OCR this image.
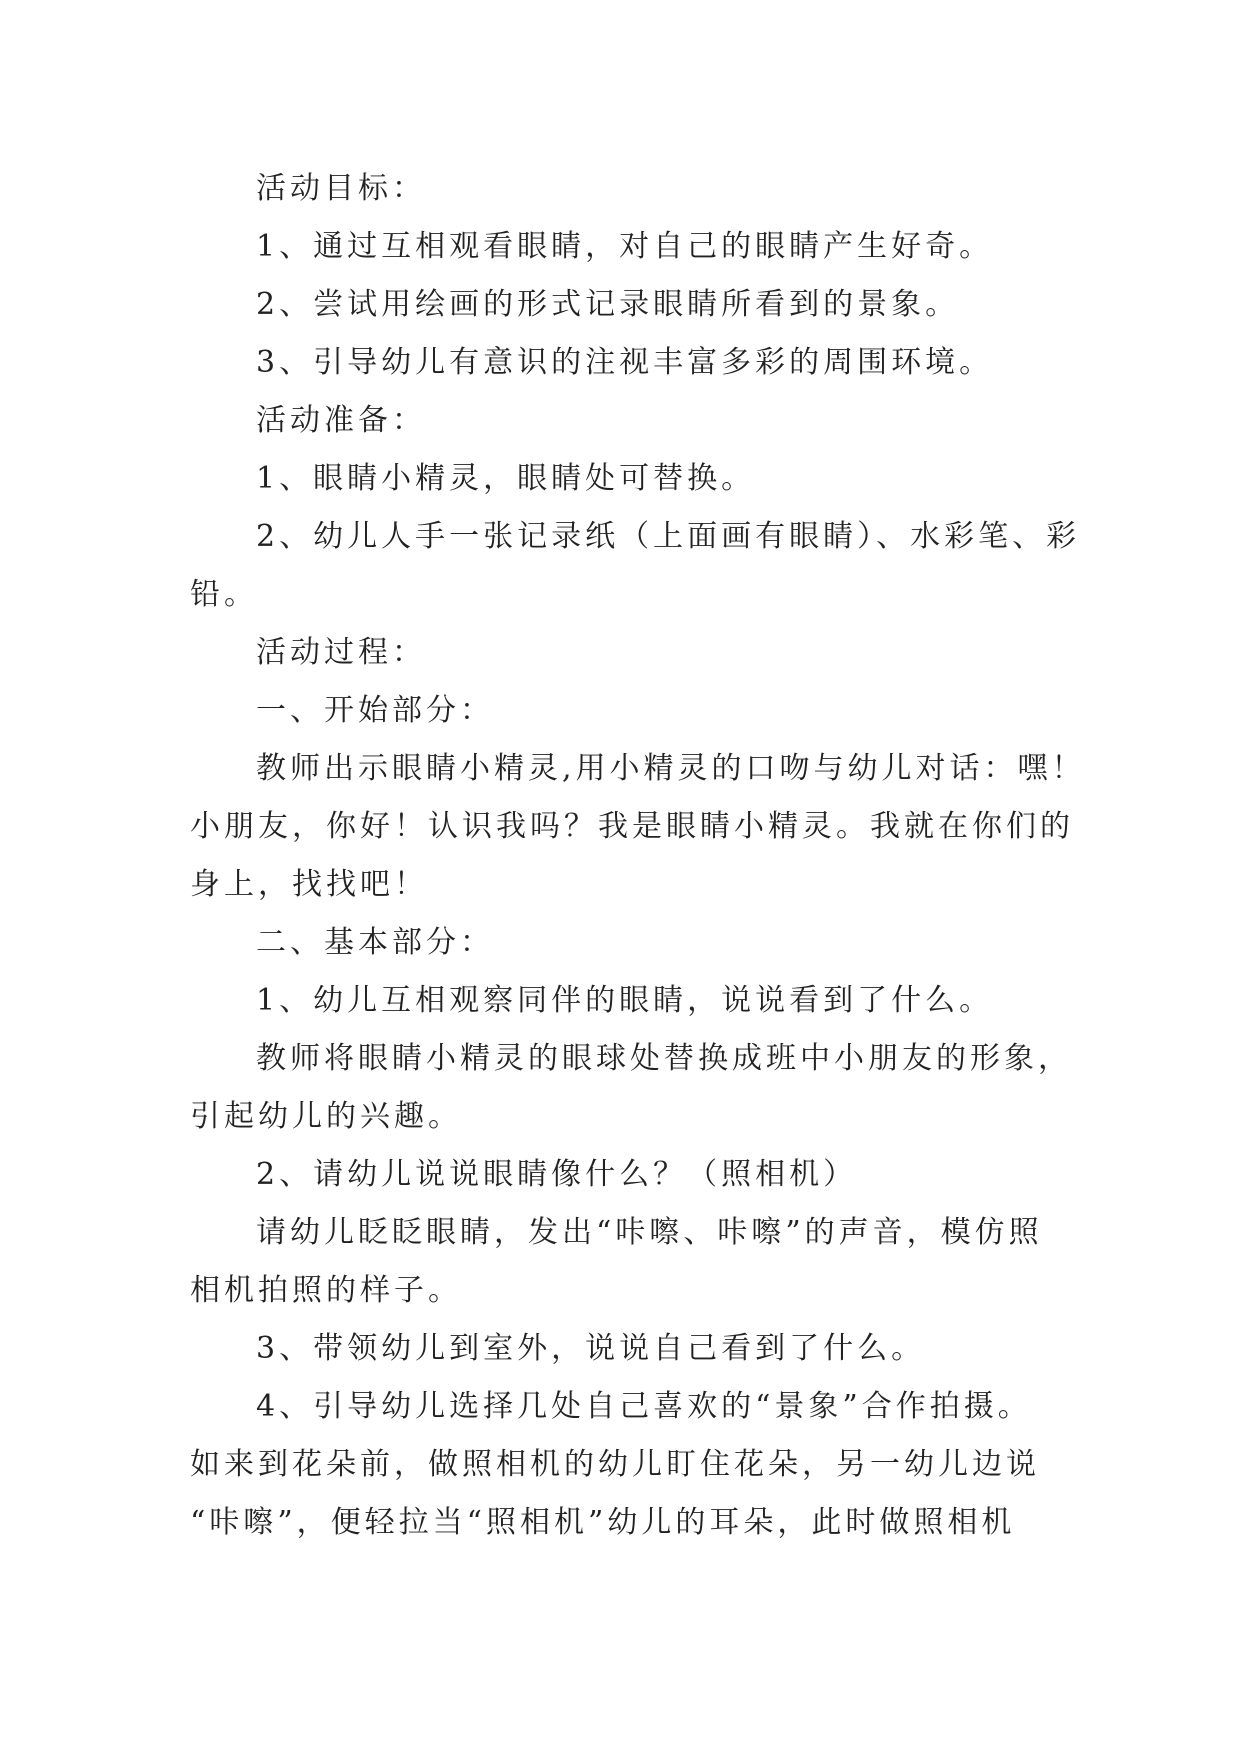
活动目标：
1、通过互相观看眼睛，对自己的眼睛产生好奇。
2、尝试用绘画的形式记录眼睛所看到的景象。
3、引导幼儿有意识的注视丰富多彩的周围环境。
活动准备：
1、眼睛小精灵，眼睛处可替换。
2、幼儿人手一张记录纸（上面画有眼睛）、水彩笔、彩
铅。
活动过程：
一、开始部分：
教师出示眼睛小精灵,用小精灵的口吻与幼儿对话：嘿！
小朋友，你好！认识我吗？我是眼睛小精灵。我就在你们的
身上，找找吧！
二、基本部分：
1、幼儿互相观察同伴的眼睛，说说看到了什么。
教师将眼睛小精灵的眼球处替换成班中小朋友的形象，
引起幼儿的兴趣。
2、请幼儿说说眼睛像什么？（照相机）
请幼儿眨眨眼睛，发出“咔嚓、咔嚓”的声音，模仿照
相机拍照的样子。
3、带领幼儿到室外，说说自己看到了什么。
4、引导幼儿选择几处自己喜欢的“景象”合作拍摄。
如来到花朵前，做照相机的幼儿盯住花朵，另一幼儿边说
“咔嚓”，便轻拉当“照相机”幼儿的耳朵，此时做照相机
